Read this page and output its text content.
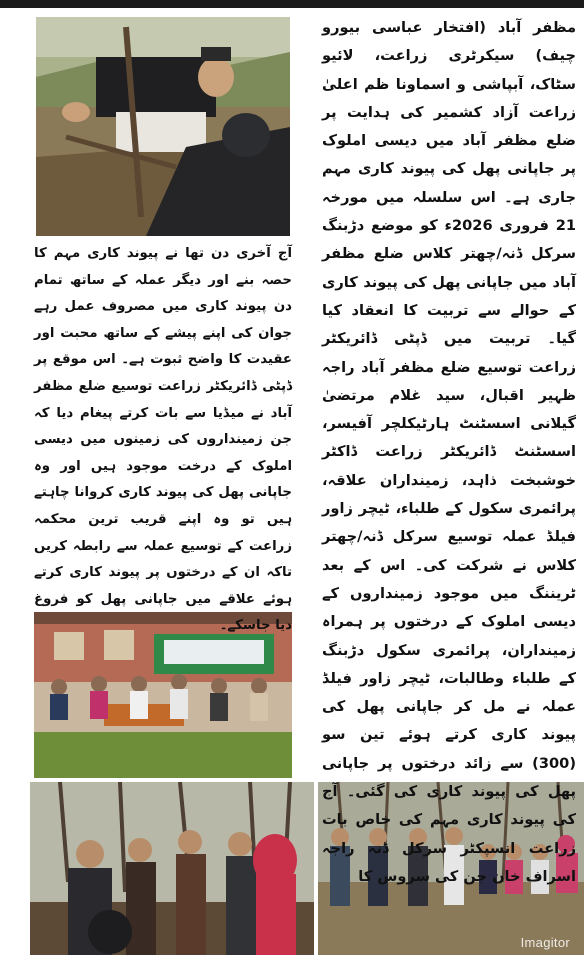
مظفر آباد (افتخار عباسی بیورو چیف) سیکرٹری زراعت، لائیو سٹاک، آبپاشی و اسماونا ظم اعلیٰ زراعت آزاد کشمیر کی ہدایت پر ضلع مظفر آباد میں دیسی املوک پر جاپانی پھل کی پیوند کاری مہم جاری ہے۔ اس سلسلہ میں مورخہ 21 فروری 2026ء کو موضع دڑبنگ سرکل ڈنہ/چھتر کلاس ضلع مظفر آباد میں جاپانی پھل کی پیوند کاری کے حوالے سے تربیت کا انعقاد کیا گیا۔ تربیت میں ڈپٹی ڈائریکٹر زراعت توسیع ضلع مظفر آباد راجہ ظہیر اقبال، سید غلام مرتضیٰ گیلانی اسسٹنٹ ہارٹیکلچر آفیسر، اسسٹنٹ ڈائریکٹر زراعت ڈاکٹر خوشبخت ذاہد، زمینداران علاقہ، پرائمری سکول کے طلباء، ٹیچر زاور فیلڈ عملہ توسیع سرکل ڈنہ/چھتر کلاس نے شرکت کی۔ اس کے بعد ٹریننگ میں موجود زمینداروں کے دیسی املوک کے درختوں پر ہمراہ زمینداران، پرائمری سکول دڑبنگ کے طلباء وطالبات، ٹیچر زاور فیلڈ عملہ نے مل کر جاپانی پھل کی پیوند کاری کرتے ہوئے تین سو (300) سے زائد درختوں پر جاپانی پھل کی پیوند کاری کی گئی۔ آج کی پیوند کاری مہم کی خاص بات زراعت انسپکٹر سرکل ڈنہ راجہ اسراف خان جن کی سروس کا

آج آخری دن تھا نے پیوند کاری مہم کا حصہ بنے اور دیگر عملہ کے ساتھ تمام دن پیوند کاری میں مصروف عمل رہے جوان کی اپنے پیشے کے ساتھ محبت اور عقیدت کا واضح ثبوت ہے۔ اس موقع پر ڈپٹی ڈائریکٹر زراعت توسیع ضلع مظفر آباد نے میڈیا سے بات کرتے پیغام دیا کہ جن زمینداروں کی زمینوں میں دیسی املوک کے درخت موجود ہیں اور وہ جاپانی پھل کی پیوند کاری کروانا چاہتے ہیں تو وہ اپنے قریب ترین محکمہ زراعت کے توسیع عملہ سے رابطہ کریں تاکہ ان کے درختوں پر پیوند کاری کرتے ہوئے علاقے میں جاپانی پھل کو فروغ دیا جاسکے۔

Imagitor
